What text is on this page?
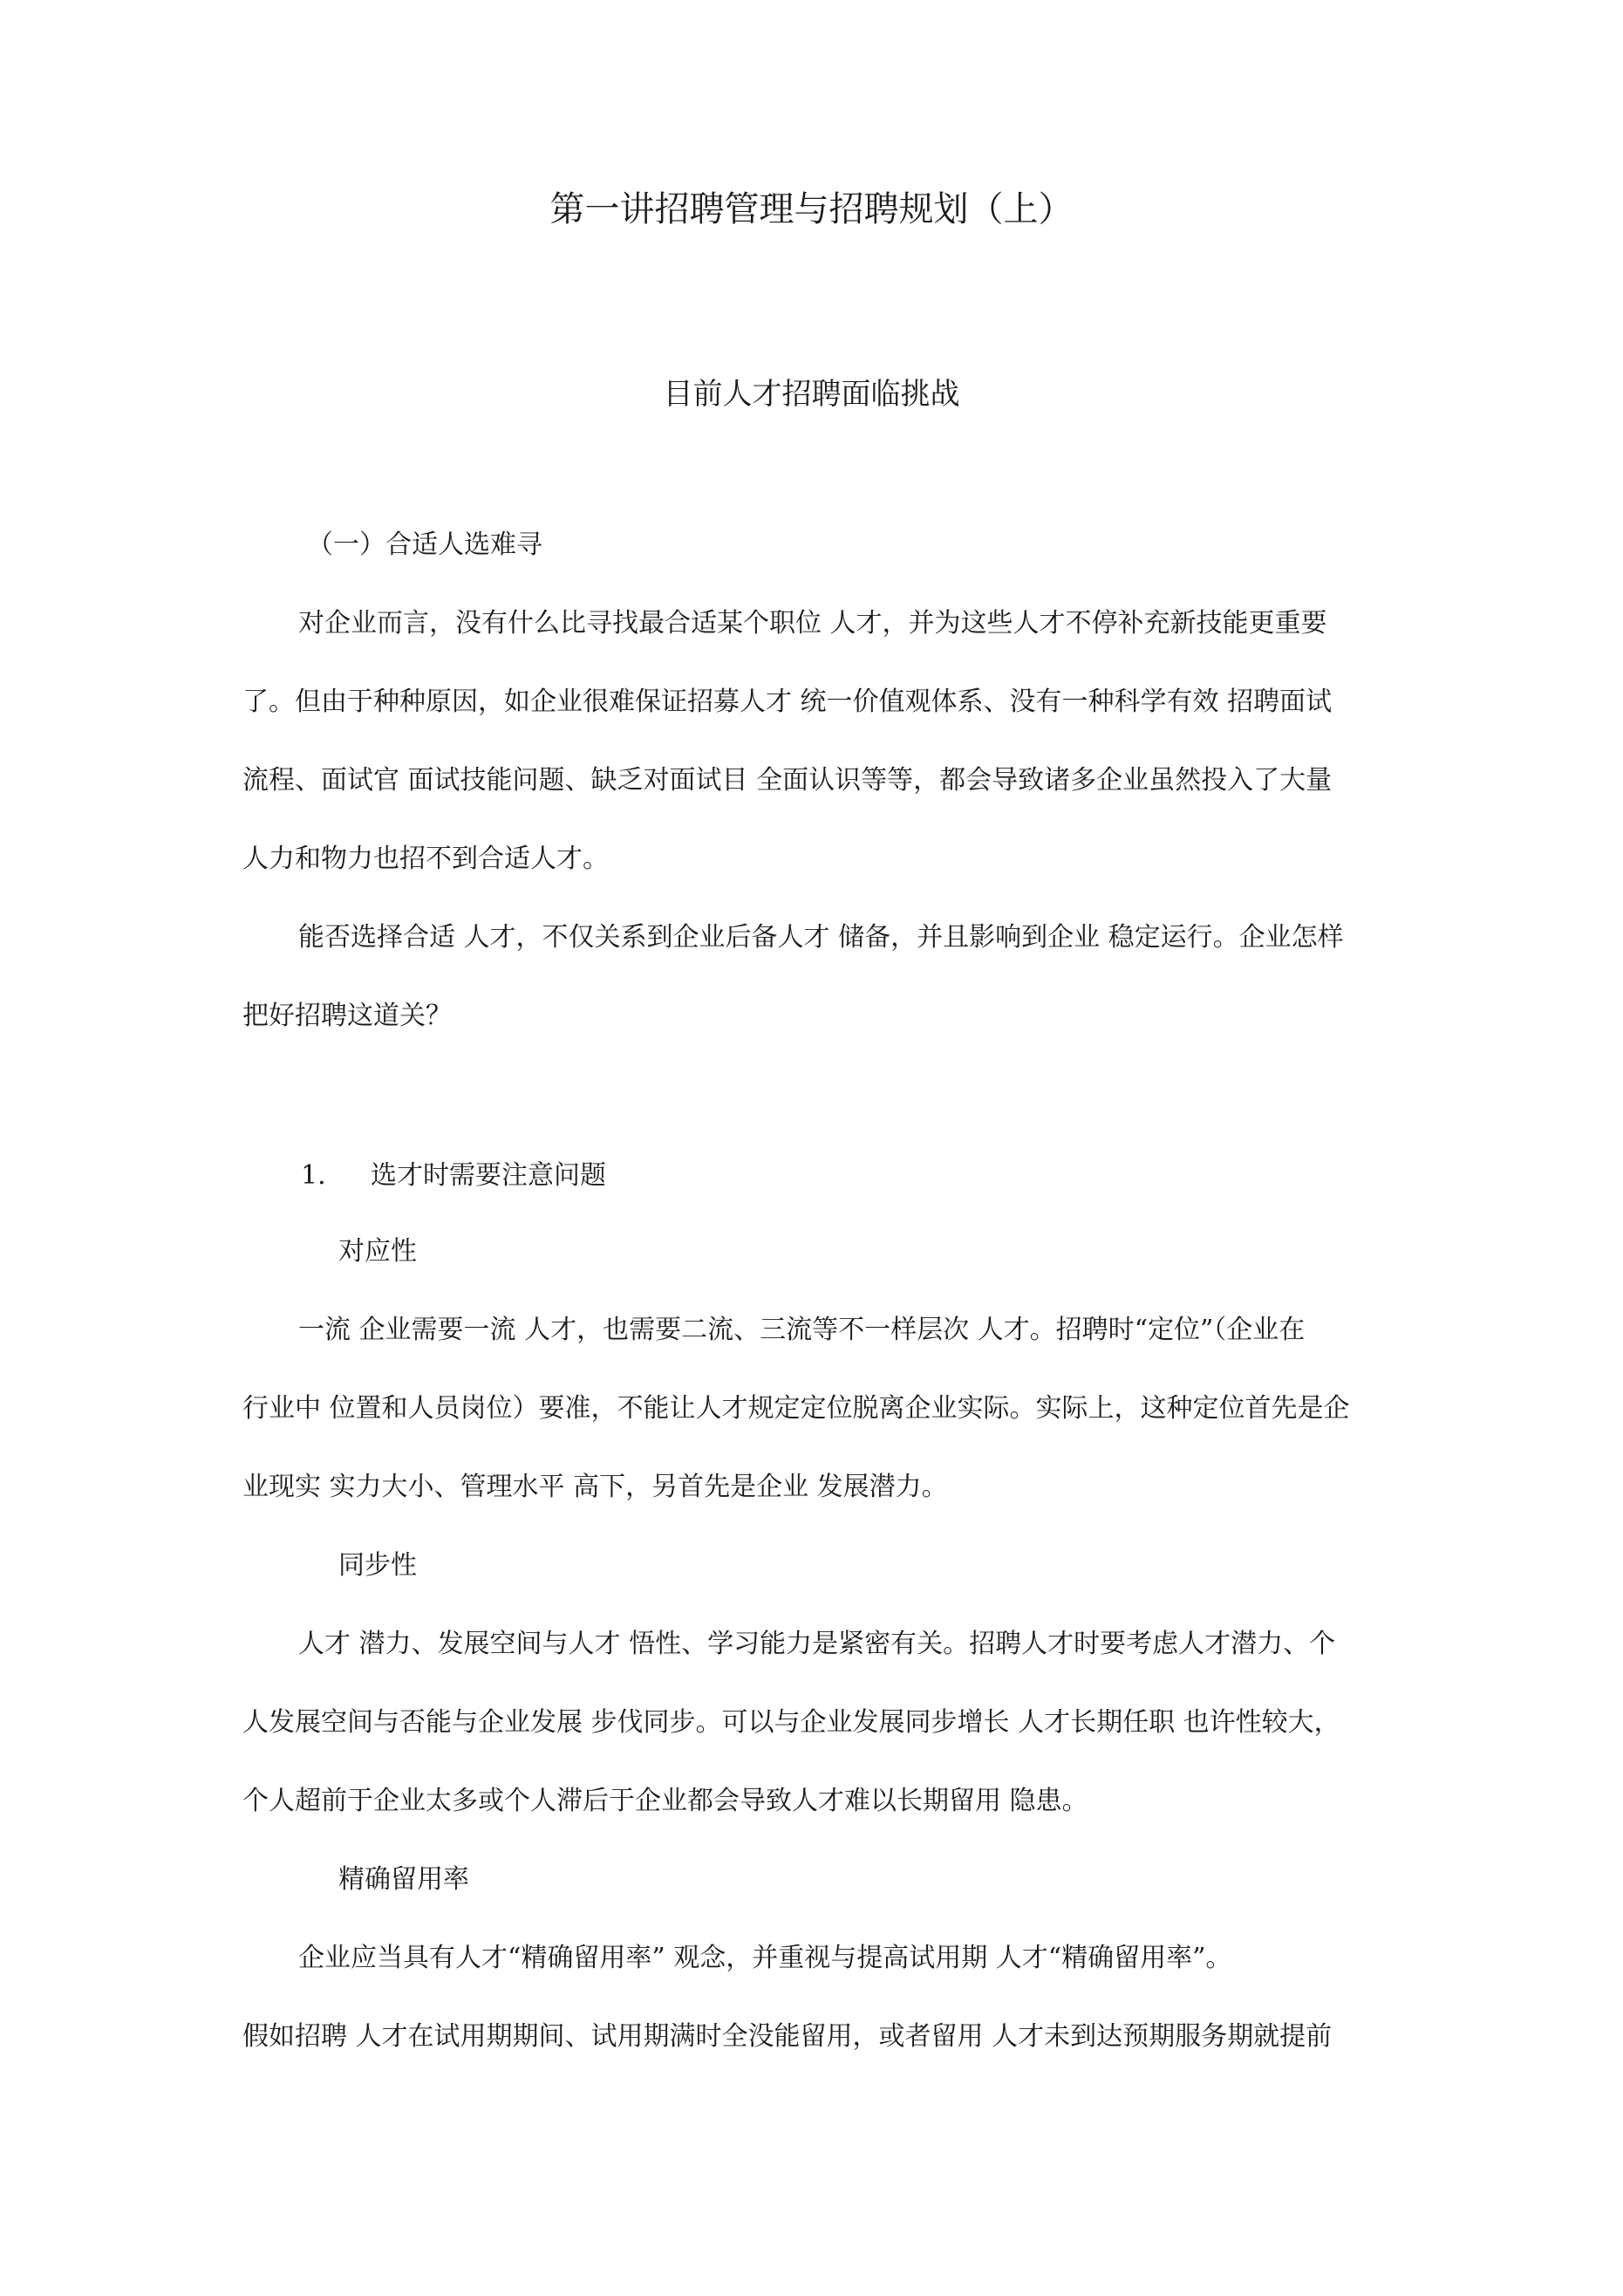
第一讲招聘管理与招聘规划（上）
目前人才招聘面临挑战
（一）合适人选难寻
对企业而言，没有什么比寻找最合适某个职位 人才，并为这些人才不停补充新技能更重要
了。但由于种种原因，如企业很难保证招募人才 统一价值观体系、没有一种科学有效 招聘面试
流程、面试官 面试技能问题、缺乏对面试目 全面认识等等，都会导致诸多企业虽然投入了大量
人力和物力也招不到合适人才。
能否选择合适 人才，不仅关系到企业后备人才 储备，并且影响到企业 稳定运行。企业怎样
把好招聘这道关？
1. 选才时需要注意问题
对应性
一流 企业需要一流 人才，也需要二流、三流等不一样层次 人才。招聘时“定位”（企业在
行业中 位置和人员岗位）要准，不能让人才规定定位脱离企业实际。实际上，这种定位首先是企
业现实 实力大小、管理水平 高下，另首先是企业 发展潜力。
同步性
人才 潜力、发展空间与人才 悟性、学习能力是紧密有关。招聘人才时要考虑人才潜力、个
人发展空间与否能与企业发展 步伐同步。可以与企业发展同步增长 人才长期任职 也许性较大，
个人超前于企业太多或个人滞后于企业都会导致人才难以长期留用 隐患。
精确留用率
企业应当具有人才“精确留用率” 观念，并重视与提高试用期 人才“精确留用率”。
假如招聘 人才在试用期期间、试用期满时全没能留用，或者留用 人才未到达预期服务期就提前
